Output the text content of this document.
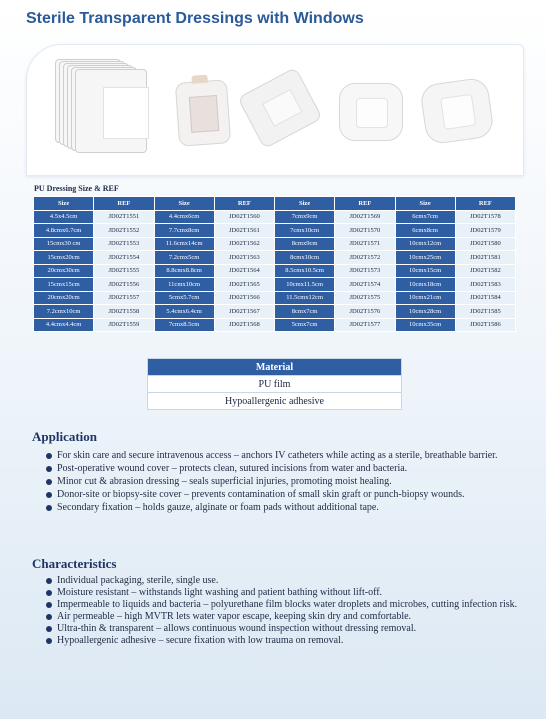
Sterile Transparent Dressings with Windows
PU Dressing Size & REF
Size	REF	Size	REF	Size	REF	Size	REF
4.5x4.5cm	JD02T1551	4.4cmx6cm	JD02T1560	7cmx9cm	JD02T1569	6cmx7cm	JD02T1578
4.8cmx6.7cm	JD02T1552	7.7cmx8cm	JD02T1561	7cmx10cm	JD02T1570	6cmx8cm	JD02T1579
15cmx30 cm	JD02T1553	11.6cmx14cm	JD02T1562	8cmx9cm	JD02T1571	10cmx12cm	JD02T1580
15cmx20cm	JD02T1554	7.2cmx5cm	JD02T1563	8cmx10cm	JD02T1572	10cmx25cm	JD02T1581
20cmx30cm	JD02T1555	8.8cmx8.8cm	JD02T1564	8.5cmx10.5cm	JD02T1573	10cmx15cm	JD02T1582
15cmx15cm	JD02T1556	11cmx10cm	JD02T1565	10cmx11.5cm	JD02T1574	10cmx18cm	JD02T1583
20cmx20cm	JD02T1557	5cmx5.7cm	JD02T1566	11.5cmx12cm	JD02T1575	10cmx21cm	JD02T1584
7.2cmx10cm	JD02T1558	5.4cmx6.4cm	JD02T1567	8cmx7cm	JD02T1576	10cmx28cm	JD02T1585
4.4cmx4.4cm	JD02T1559	7cmx8.5cm	JD02T1568	5cmx7cm	JD02T1577	10cmx35cm	JD02T1586
Material
PU film
Hypoallergenic adhesive
Application
For skin care and secure intravenous access – anchors IV catheters while acting as a sterile, breathable barrier.
Post-operative wound cover – protects clean, sutured incisions from water and bacteria.
Minor cut & abrasion dressing – seals superficial injuries, promoting moist healing.
Donor-site or biopsy-site cover – prevents contamination of small skin graft or punch-biopsy wounds.
Secondary fixation – holds gauze, alginate or foam pads without additional tape.
Characteristics
Individual packaging, sterile, single use.
Moisture resistant – withstands light washing and patient bathing without lift-off.
Impermeable to liquids and bacteria – polyurethane film blocks water droplets and microbes, cutting infection risk.
Air permeable – high MVTR lets water vapor escape, keeping skin dry and comfortable.
Ultra-thin & transparent – allows continuous wound inspection without dressing removal.
Hypoallergenic adhesive – secure fixation with low trauma on removal.
